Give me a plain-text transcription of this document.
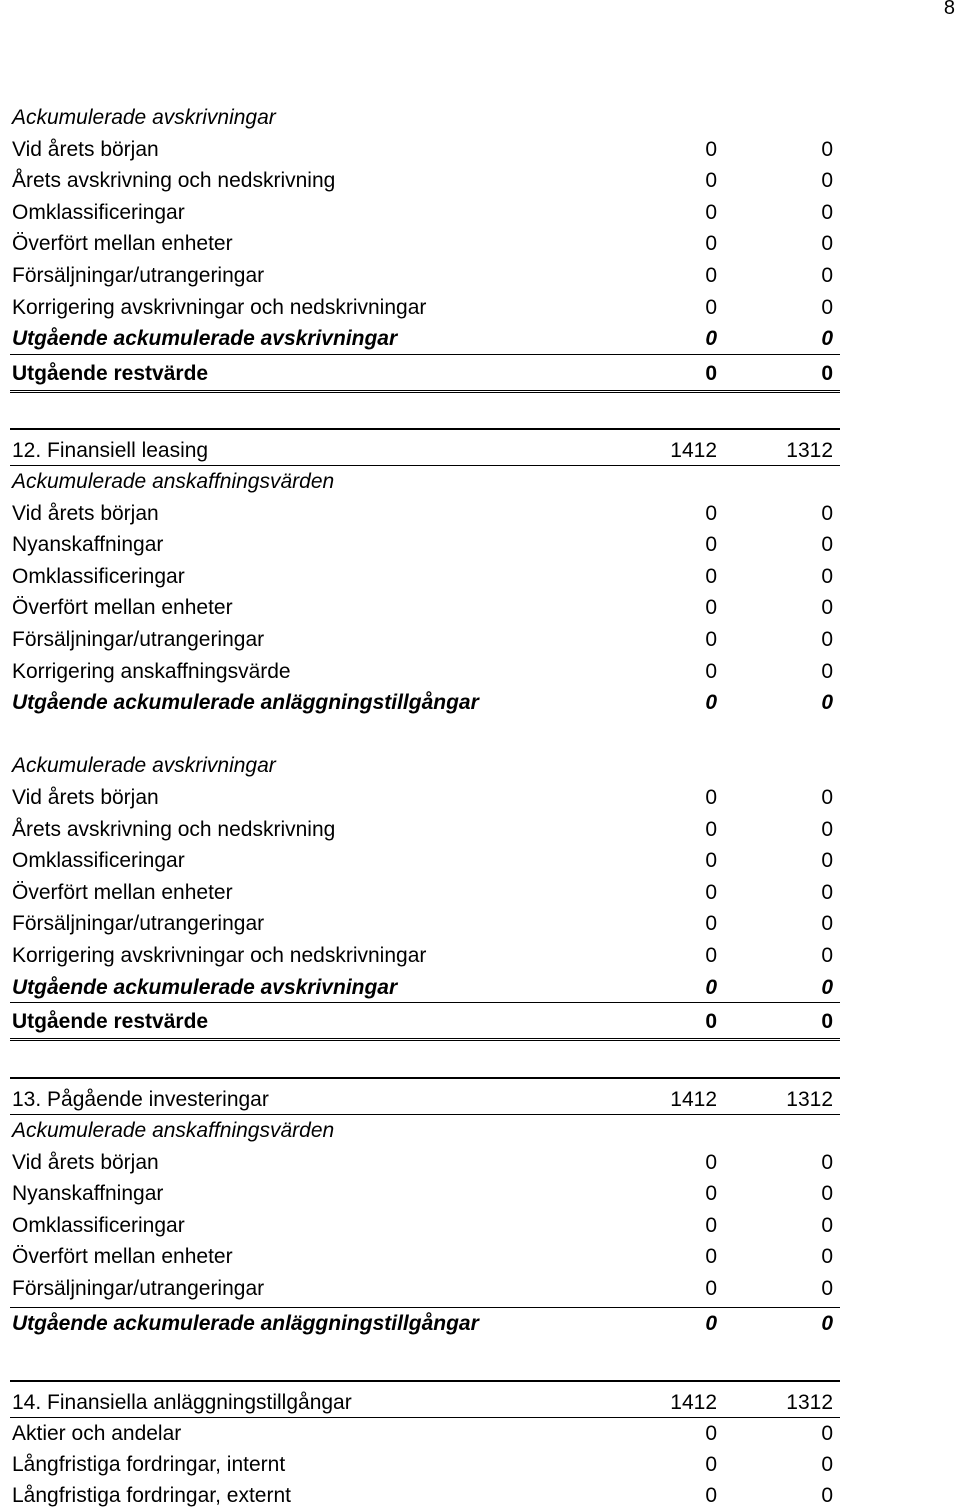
8
Ackumulerade avskrivningar
Vid årets början	0	0
Årets avskrivning och nedskrivning	0	0
Omklassificeringar	0	0
Överfört mellan enheter	0	0
Försäljningar/utrangeringar	0	0
Korrigering avskrivningar och nedskrivningar	0	0
Utgående ackumulerade avskrivningar	0	0
Utgående restvärde	0	0
12. Finansiell leasing	1412	1312
Ackumulerade anskaffningsvärden
Vid årets början	0	0
Nyanskaffningar	0	0
Omklassificeringar	0	0
Överfört mellan enheter	0	0
Försäljningar/utrangeringar	0	0
Korrigering anskaffningsvärde	0	0
Utgående ackumulerade anläggningstillgångar	0	0
Ackumulerade avskrivningar
Vid årets början	0	0
Årets avskrivning och nedskrivning	0	0
Omklassificeringar	0	0
Överfört mellan enheter	0	0
Försäljningar/utrangeringar	0	0
Korrigering avskrivningar och nedskrivningar	0	0
Utgående ackumulerade avskrivningar	0	0
Utgående restvärde	0	0
13. Pågående investeringar	1412	1312
Ackumulerade anskaffningsvärden
Vid årets början	0	0
Nyanskaffningar	0	0
Omklassificeringar	0	0
Överfört mellan enheter	0	0
Försäljningar/utrangeringar	0	0
Utgående ackumulerade anläggningstillgångar	0	0
14. Finansiella anläggningstillgångar	1412	1312
Aktier och andelar	0	0
Långfristiga fordringar, internt	0	0
Långfristiga fordringar, externt	0	0
